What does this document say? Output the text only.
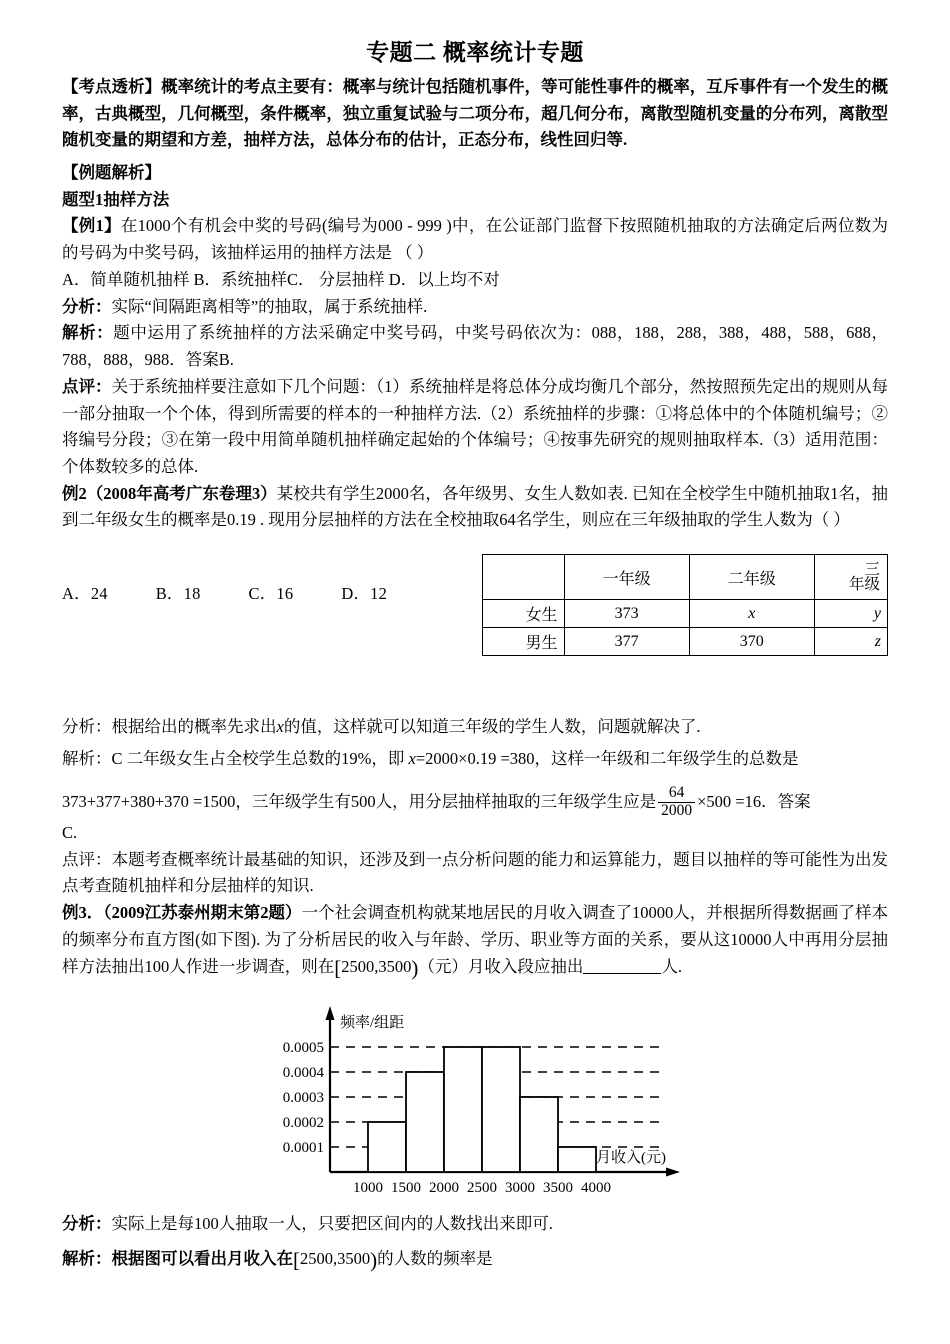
专题二 概率统计专题

【考点透析】概率统计的考点主要有：概率与统计包括随机事件，等可能性事件的概率，互斥事件有一个发生的概率，古典概型，几何概型，条件概率，独立重复试验与二项分布，超几何分布，离散型随机变量的分布列，离散型随机变量的期望和方差，抽样方法，总体分布的估计，正态分布，线性回归等.

【例题解析】

题型1抽样方法

【例1】在1000个有机会中奖的号码(编号为000 - 999 )中，在公证部门监督下按照随机抽取的方法确定后两位数为的号码为中奖号码，该抽样运用的抽样方法是 （ ）

A．简单随机抽样 B．系统抽样C． 分层抽样 D．以上均不对

分析：实际“间隔距离相等”的抽取，属于系统抽样.

解析：题中运用了系统抽样的方法采确定中奖号码，中奖号码依次为：088，188，288，388，488，588，688，788，888，988．答案B.

点评：关于系统抽样要注意如下几个问题：（1）系统抽样是将总体分成均衡几个部分，然按照预先定出的规则从每一部分抽取一个个体，得到所需要的样本的一种抽样方法.（2）系统抽样的步骤：①将总体中的个体随机编号；②将编号分段；③在第一段中用简单随机抽样确定起始的个体编号；④按事先研究的规则抽取样本.（3）适用范围：个体数较多的总体.

例2（2008年高考广东卷理3）某校共有学生2000名，各年级男、女生人数如表. 已知在全校学生中随机抽取1名，抽到二年级女生的概率是0.19 . 现用分层抽样的方法在全校抽取64名学生，则应在三年级抽取的学生人数为（ ）

A．24	B．18	C．16	D．12
	一年级	二年级	三
年级

女生	373	x	y
男生	377	370	z

分析：根据给出的概率先求出x的值，这样就可以知道三年级的学生人数，问题就解决了.

解析：C 二年级女生占全校学生总数的19%，即 x=2000×0.19 =380，这样一年级和二年级学生的总数是

373+377+380+370 =1500，三年级学生有500人，用分层抽样抽取的三年级学生应是 $\frac{64}{2000} \times 500 =16$．答案

C.

点评：本题考查概率统计最基础的知识，还涉及到一点分析问题的能力和运算能力，题目以抽样的等可能性为出发点考查随机抽样和分层抽样的知识.

例3．（2009江苏泰州期末第2题）一个社会调查机构就某地居民的月收入调查了10000人，并根据所得数据画了样本的频率分布直方图(如下图). 为了分析居民的收入与年龄、学历、职业等方面的关系，要从这10000人中再用分层抽样方法抽出100人作进一步调查，则在[2500,3500)（元）月收入段应抽出	人.

频率/组距
月收入(元)
0.0001
0.0002
0.0003
0.0004
0.0005
1000 1500 2000 2500 3000 3500 4000

分析：实际上是每100人抽取一人，只要把区间内的人数找出来即可.

解析：根据图可以看出月收入在[2500,3500)的人数的频率是
